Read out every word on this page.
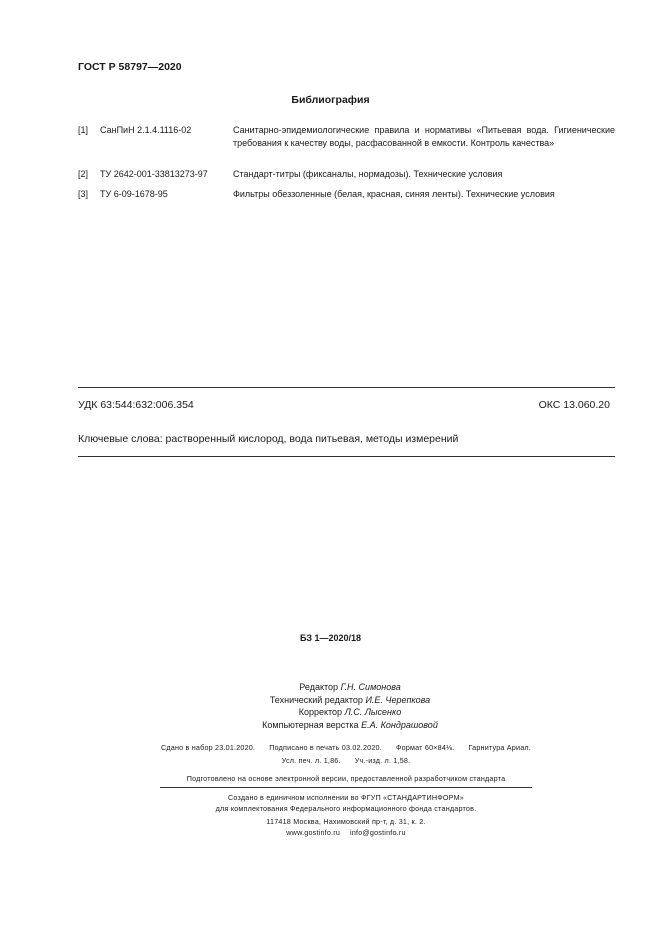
ГОСТ Р 58797—2020
Библиография
[1] СанПиН 2.1.4.1116-02	Санитарно-эпидемиологические правила и нормативы «Питьевая вода. Гигиенические требования к качеству воды, расфасованной в емкости. Контроль качества»
[2] ТУ 2642-001-33813273-97	Стандарт-титры (фиксаналы, нормадозы). Технические условия
[3] ТУ 6-09-1678-95	Фильтры обеззоленные (белая, красная, синяя ленты). Технические условия
УДК 63:544:632:006.354	ОКС 13.060.20
Ключевые слова: растворенный кислород, вода питьевая, методы измерений
БЗ 1—2020/18
Редактор Г.Н. Симонова
Технический редактор И.Е. Черепкова
Корректор Л.С. Лысенко
Компьютерная верстка Е.А. Кондрашовой
Сдано в набор 23.01.2020. Подписано в печать 03.02.2020. Формат 60×84⅛. Гарнитура Ариал.
Усл. печ. л. 1,86. Уч.-изд. л. 1,58.
Подготовлено на основе электронной версии, предоставленной разработчиком стандарта
Создано в единичном исполнении во ФГУП «СТАНДАРТИНФОРМ»
для комплектования Федерального информационного фонда стандартов.
117418 Москва, Нахимовский пр-т, д. 31, к. 2.
www.gostinfo.ru info@gostinfo.ru
